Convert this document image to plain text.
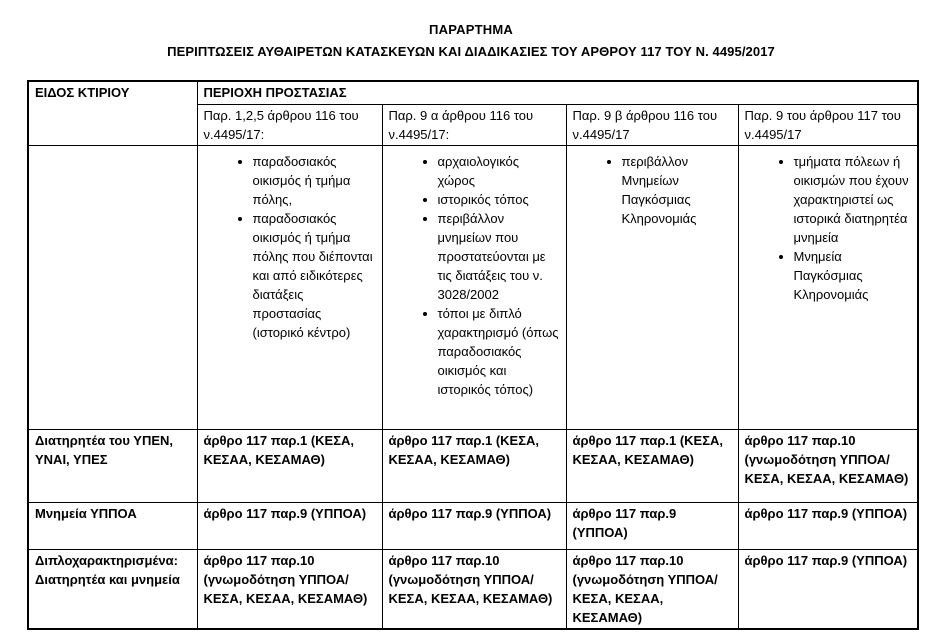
ΠΑΡΑΡΤΗΜΑ
ΠΕΡΙΠΤΩΣΕΙΣ ΑΥΘΑΙΡΕΤΩΝ ΚΑΤΑΣΚΕΥΩΝ ΚΑΙ ΔΙΑΔΙΚΑΣΙΕΣ ΤΟΥ ΑΡΘΡΟΥ 117 ΤΟΥ Ν. 4495/2017
ΕΙΔΟΣ ΚΤΙΡΙΟΥ	ΠΕΡΙΟΧΗ ΠΡΟΣΤΑΣΙΑΣ			
	Παρ. 1,2,5 άρθρου 116 του ν.4495/17:	Παρ. 9 α άρθρου 116 του ν.4495/17:	Παρ. 9 β άρθρου 116 του ν.4495/17	Παρ. 9 του άρθρου 117 του ν.4495/17

• παραδοσιακός οικισμός ή τμήμα πόλης,
• παραδοσιακός οικισμός ή τμήμα πόλης που διέπονται και από ειδικότερες διατάξεις προστασίας (ιστορικό κέντρο)

• αρχαιολογικός χώρος
• ιστορικός τόπος
• περιβάλλον μνημείων που προστατεύονται με τις διατάξεις του ν. 3028/2002
• τόποι με διπλό χαρακτηρισμό (όπως παραδοσιακός οικισμός και ιστορικός τόπος)

• περιβάλλον Μνημείων Παγκόσμιας Κληρονομιάς

• τμήματα πόλεων ή οικισμών που έχουν χαρακτηριστεί ως ιστορικά διατηρητέα μνημεία
• Μνημεία Παγκόσμιας Κληρονομιάς

Διατηρητέα του ΥΠΕΝ, ΥΝΑΙ, ΥΠΕΣ	άρθρο 117 παρ.1 (ΚΕΣΑ, ΚΕΣΑΑ, ΚΕΣΑΜΑΘ)	άρθρο 117 παρ.1 (ΚΕΣΑ, ΚΕΣΑΑ, ΚΕΣΑΜΑΘ)	άρθρο 117 παρ.1 (ΚΕΣΑ, ΚΕΣΑΑ, ΚΕΣΑΜΑΘ)	άρθρο 117 παρ.10 (γνωμοδότηση ΥΠΠΟΑ/ΚΕΣΑ, ΚΕΣΑΑ, ΚΕΣΑΜΑΘ)
Μνημεία ΥΠΠΟΑ	άρθρο 117 παρ.9 (ΥΠΠΟΑ)	άρθρο 117 παρ.9 (ΥΠΠΟΑ)	άρθρο 117 παρ.9 (ΥΠΠΟΑ)	άρθρο 117 παρ.9 (ΥΠΠΟΑ)
Διπλοχαρακτηρισμένα: Διατηρητέα και μνημεία	άρθρο 117 παρ.10 (γνωμοδότηση ΥΠΠΟΑ/ΚΕΣΑ, ΚΕΣΑΑ, ΚΕΣΑΜΑΘ)	άρθρο 117 παρ.10 (γνωμοδότηση ΥΠΠΟΑ/ΚΕΣΑ, ΚΕΣΑΑ, ΚΕΣΑΜΑΘ)	άρθρο 117 παρ.10 (γνωμοδότηση ΥΠΠΟΑ/ΚΕΣΑ, ΚΕΣΑΑ, ΚΕΣΑΜΑΘ)	άρθρο 117 παρ.9 (ΥΠΠΟΑ)
